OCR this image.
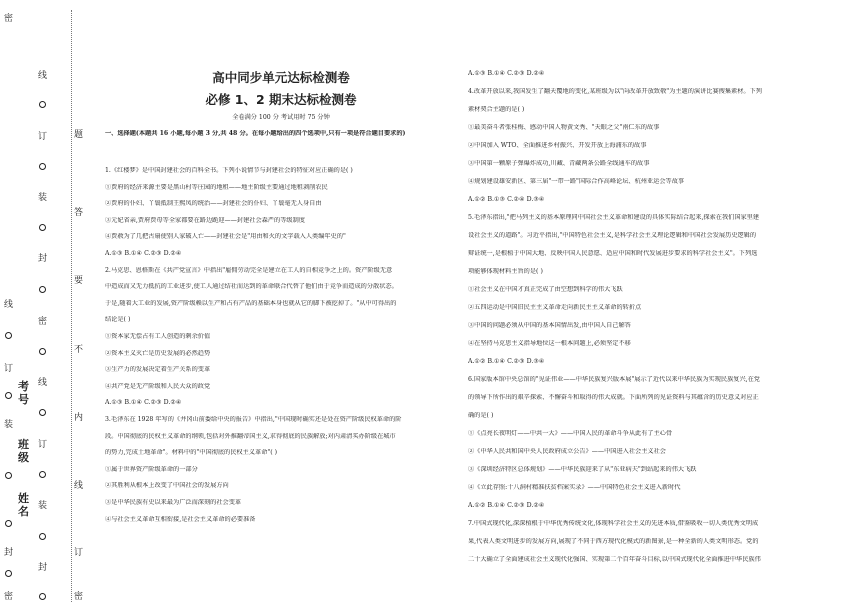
线
订
装
封
密
线
订
装
封
题
答
要
不
内
线
订
密
密
线
订
装
封
密
姓名
班级
考号
高中同步单元达标检测卷
必修 1、2 期末达标检测卷
全卷满分 100 分 考试用时 75 分钟
一、选择题(本题共 16 小题,每小题 3 分,共 48 分。在每小题给出的四个选项中,只有一项是符合题目要求的)
1.《红楼梦》是中国封建社会的百科全书。下列小说情节与封建社会的特征对应正确的是( )
①贾府的经济来源主要是黑山村等庄园的地租——地主阶级主要通过地租剥削农民
②贾府的仆妇、丫鬟抵制王熙凤的统治——封建社会的仆妇、丫鬟毫无人身自由
③元妃省亲,贾府贾母等全家都要在路边跪迎——封建社会森严的等级制度
④贾赦为了几把古扇使别人家破人亡——封建社会是"用由和火的文字载入人类编年史的"
A.①③ B.①④ C.②③ D.②④
2.马克思、恩格斯在《共产党宣言》中指出"雇佣劳动完全是建立在工人的自相竞争之上的。资产阶级无意
中造成而又无力抵抗的工业进步,使工人通过结社而达到的革命联合代替了他们由于竞争而造成的分散状态。
于是,随着大工业的发展,资产阶级赖以生产和占有产品的基础本身也就从它的脚下被挖掉了。"从中可得出的
结论是( )
①资本家无偿占有工人创造的剩余价值
②资本主义灭亡是历史发展的必然趋势
③生产力的发展决定着生产关系的变革
④共产党是无产阶级和人民大众的政党
A.①③ B.①④ C.②③ D.②④
3.毛泽东在 1928 年写的《井冈山前委给中央的报告》中指出,"中国现时确实还是处在资产阶级民权革命的阶
段。中国彻底的民权主义革命的纲领,包括对外推翻帝国主义,求得彻底的民族解放;对内肃清买办阶级在城市
的势力,完成土地革命"。材料中的"中国彻底的民权主义革命"( )
①属于世界资产阶级革命的一部分
②其胜利从根本上改变了中国社会的发展方向
③是中华民族有史以来最为广泛而深刻的社会变革
④与社会主义革命互相衔接,是社会主义革命的必要准备
A.①③ B.①④ C.②③ D.②④
4.改革开放以来,我国发生了翻天覆地的变化,某班级为以"向改革开放致敬"为主题的演讲比赛搜集素材。下列
素材契合主题的是( )
①最美奋斗者张桂梅、感动中国人物黄文秀、"天眼之父"南仁东的故事
②中国加入 WTO、全面推进乡村振兴、开发开放上海浦东的故事
③中国第一颗原子弹爆炸成功,川藏、青藏两条公路全线通车的故事
④规划建设雄安新区、第三届"一带一路"国际合作高峰论坛、杭州亚运会等故事
A.①② B.①③ C.②④ D.③④
5.毛泽东指出,"把马列主义的基本原理同中国社会主义革命和建设的具体实际结合起来,探索在我们国家里建
设社会主义的道路"。习近平指出,"中国特色社会主义,是科学社会主义理论逻辑和中国社会发展历史逻辑的
辩证统一,是根植于中国大地、反映中国人民意愿、适应中国和时代发展进步要求的科学社会主义"。下列选
项能够体现材料主旨的是( )
①社会主义在中国才真正完成了由空想到科学的伟大飞跃
②五四运动是中国旧民主主义革命走向新民主主义革命的转折点
③中国的问题必须从中国的基本国情出发,由中国人自己解答
④在坚持马克思主义指导地位这一根本问题上,必须坚定不移
A.①② B.①④ C.②③ D.③④
6.国家版本馆中央总馆的"见证伟业——中华民族复兴版本展"展示了近代以来中华民族为实现民族复兴,在党
的领导下所作出的艰辛探索、不懈奋斗和取得的伟大成就。下面所列的见证资料与其蕴含的历史意义对应正
确的是( )
①《点亮长夜明灯——中共一大》——中国人民的革命斗争从此有了主心骨
②《中华人民共和国中央人民政府成立公告》——中国进入社会主义社会
③《深圳经济特区总体规划》——中华民族迎来了从"东亚病夫"到站起来的伟大飞跃
④《立此存照:十八洞村精准扶贫档案实录》——中国特色社会主义进入新时代
A.①② B.①④ C.②③ D.②④
7.中国式现代化,深深植根于中华优秀传统文化,体现科学社会主义的先进本质,借鉴吸收一切人类优秀文明成
果,代表人类文明进步的发展方向,展现了不同于西方现代化模式的新图景,是一种全新的人类文明形态。党的
二十大确立了全面建成社会主义现代化强国、实现第二个百年奋斗目标,以中国式现代化全面推进中华民族伟
